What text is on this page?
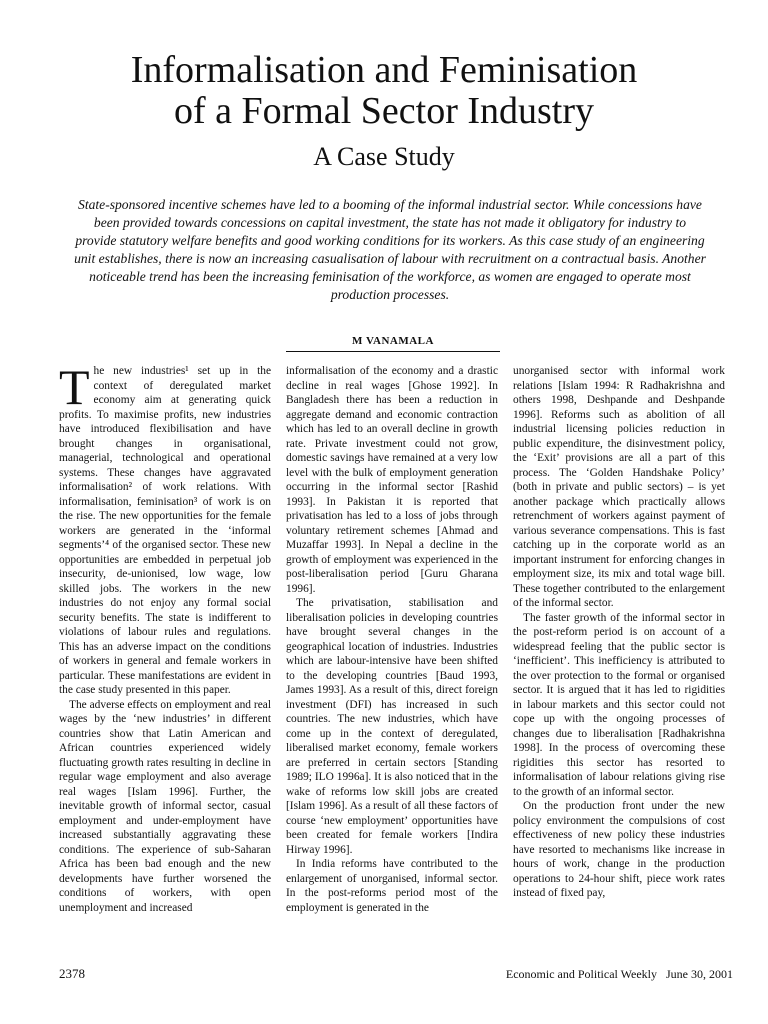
Informalisation and Feminisation
of a Formal Sector Industry
A Case Study

State-sponsored incentive schemes have led to a booming of the informal industrial sector. While concessions have been provided towards concessions on capital investment, the state has not made it obligatory for industry to provide statutory welfare benefits and good working conditions for its workers. As this case study of an engineering unit establishes, there is now an increasing casualisation of labour with recruitment on a contractual basis. Another noticeable trend has been the increasing feminisation of the workforce, as women are engaged to operate most production processes.

M VANAMALA

The new industries¹ set up in the context of deregulated market economy aim at generating quick profits. To maximise profits, new industries have introduced flexibilisation and have brought changes in organisational, managerial, technological and operational systems. These changes have aggravated informalisation² of work relations. With informalisation, feminisation³ of work is on the rise. The new opportunities for the female workers are generated in the ‘informal segments’⁴ of the organised sector. These new opportunities are embedded in perpetual job insecurity, de-unionised, low wage, low skilled jobs. The workers in the new industries do not enjoy any formal social security benefits. The state is indifferent to violations of labour rules and regulations. This has an adverse impact on the conditions of workers in general and female workers in particular. These manifestations are evident in the case study presented in this paper.

The adverse effects on employment and real wages by the ‘new industries’ in different countries show that Latin American and African countries experienced widely fluctuating growth rates resulting in decline in regular wage employment and also average real wages [Islam 1996]. Further, the inevitable growth of informal sector, casual employment and under-employment have increased substantially aggravating these conditions. The experience of sub-Saharan Africa has been bad enough and the new developments have further worsened the conditions of workers, with open unemployment and increased

informalisation of the economy and a drastic decline in real wages [Ghose 1992]. In Bangladesh there has been a reduction in aggregate demand and economic contraction which has led to an overall decline in growth rate. Private investment could not grow, domestic savings have remained at a very low level with the bulk of employment generation occurring in the informal sector [Rashid 1993]. In Pakistan it is reported that privatisation has led to a loss of jobs through voluntary retirement schemes [Ahmad and Muzaffar 1993]. In Nepal a decline in the growth of employment was experienced in the post-liberalisation period [Guru Gharana 1996].

The privatisation, stabilisation and liberalisation policies in developing countries have brought several changes in the geographical location of industries. Industries which are labour-intensive have been shifted to the developing countries [Baud 1993, James 1993]. As a result of this, direct foreign investment (DFI) has increased in such countries. The new industries, which have come up in the context of deregulated, liberalised market economy, female workers are preferred in certain sectors [Standing 1989; ILO 1996a]. It is also noticed that in the wake of reforms low skill jobs are created [Islam 1996]. As a result of all these factors of course ‘new employment’ opportunities have been created for female workers [Indira Hirway 1996].

In India reforms have contributed to the enlargement of unorganised, informal sector. In the post-reforms period most of the employment is generated in the

unorganised sector with informal work relations [Islam 1994: R Radhakrishna and others 1998, Deshpande and Deshpande 1996]. Reforms such as abolition of all industrial licensing policies reduction in public expenditure, the disinvestment policy, the ‘Exit’ provisions are all a part of this process. The ‘Golden Handshake Policy’ (both in private and public sectors) – is yet another package which practically allows retrenchment of workers against payment of various severance compensations. This is fast catching up in the corporate world as an important instrument for enforcing changes in employment size, its mix and total wage bill. These together contributed to the enlargement of the informal sector.

The faster growth of the informal sector in the post-reform period is on account of a widespread feeling that the public sector is ‘inefficient’. This inefficiency is attributed to the over protection to the formal or organised sector. It is argued that it has led to rigidities in labour markets and this sector could not cope up with the ongoing processes of changes due to liberalisation [Radhakrishna 1998]. In the process of overcoming these rigidities this sector has resorted to informalisation of labour relations giving rise to the growth of an informal sector.

On the production front under the new policy environment the compulsions of cost effectiveness of new policy these industries have resorted to mechanisms like increase in hours of work, change in the production operations to 24-hour shift, piece work rates instead of fixed pay,

2378	Economic and Political Weekly   June 30, 2001
